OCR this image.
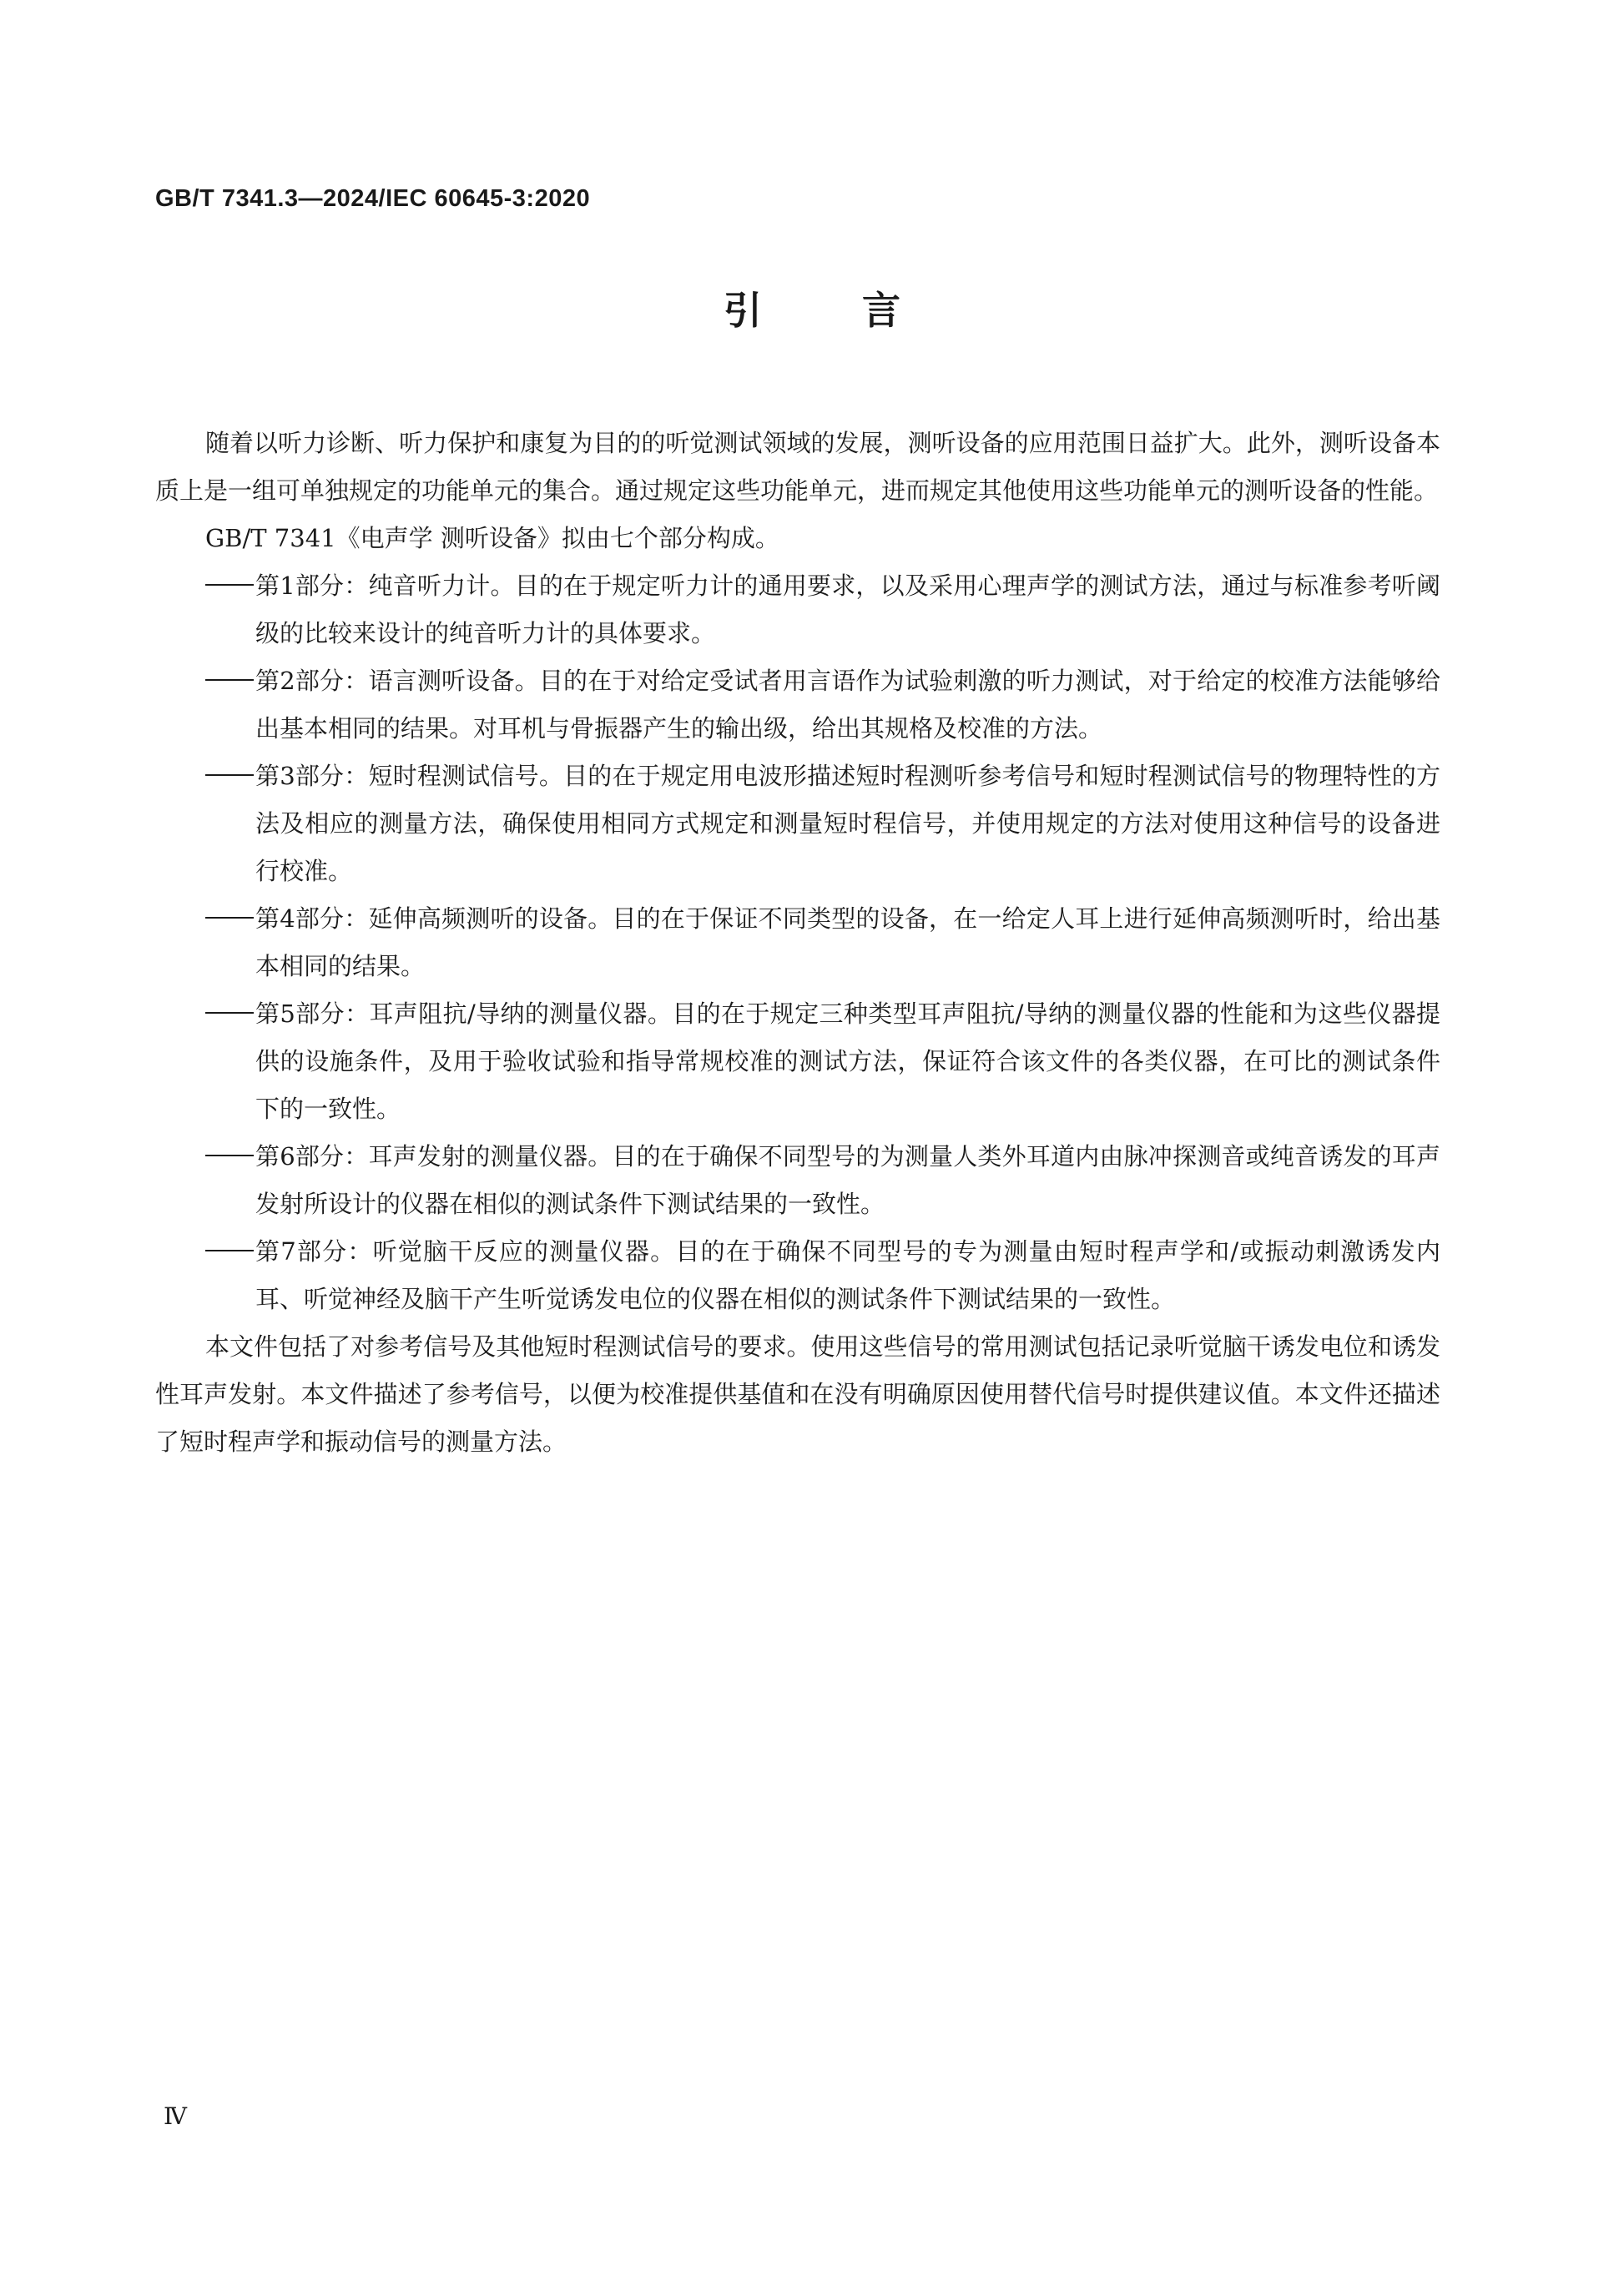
GB/T 7341.3—2024/IEC 60645-3:2020
引言

随着以听力诊断、听力保护和康复为目的的听觉测试领域的发展，测听设备的应用范围日益扩大。此外，测听设备本质上是一组可单独规定的功能单元的集合。通过规定这些功能单元，进而规定其他使用这些功能单元的测听设备的性能。

GB/T 7341《电声学 测听设备》拟由七个部分构成。

第1部分：纯音听力计。目的在于规定听力计的通用要求，以及采用心理声学的测试方法，通过与标准参考听阈级的比较来设计的纯音听力计的具体要求。
第2部分：语言测听设备。目的在于对给定受试者用言语作为试验刺激的听力测试，对于给定的校准方法能够给出基本相同的结果。对耳机与骨振器产生的输出级，给出其规格及校准的方法。
第3部分：短时程测试信号。目的在于规定用电波形描述短时程测听参考信号和短时程测试信号的物理特性的方法及相应的测量方法，确保使用相同方式规定和测量短时程信号，并使用规定的方法对使用这种信号的设备进行校准。
第4部分：延伸高频测听的设备。目的在于保证不同类型的设备，在一给定人耳上进行延伸高频测听时，给出基本相同的结果。
第5部分：耳声阻抗/导纳的测量仪器。目的在于规定三种类型耳声阻抗/导纳的测量仪器的性能和为这些仪器提供的设施条件，及用于验收试验和指导常规校准的测试方法，保证符合该文件的各类仪器，在可比的测试条件下的一致性。
第6部分：耳声发射的测量仪器。目的在于确保不同型号的为测量人类外耳道内由脉冲探测音或纯音诱发的耳声发射所设计的仪器在相似的测试条件下测试结果的一致性。
第7部分：听觉脑干反应的测量仪器。目的在于确保不同型号的专为测量由短时程声学和/或振动刺激诱发内耳、听觉神经及脑干产生听觉诱发电位的仪器在相似的测试条件下测试结果的一致性。

本文件包括了对参考信号及其他短时程测试信号的要求。使用这些信号的常用测试包括记录听觉脑干诱发电位和诱发性耳声发射。本文件描述了参考信号，以便为校准提供基值和在没有明确原因使用替代信号时提供建议值。本文件还描述了短时程声学和振动信号的测量方法。

Ⅳ
